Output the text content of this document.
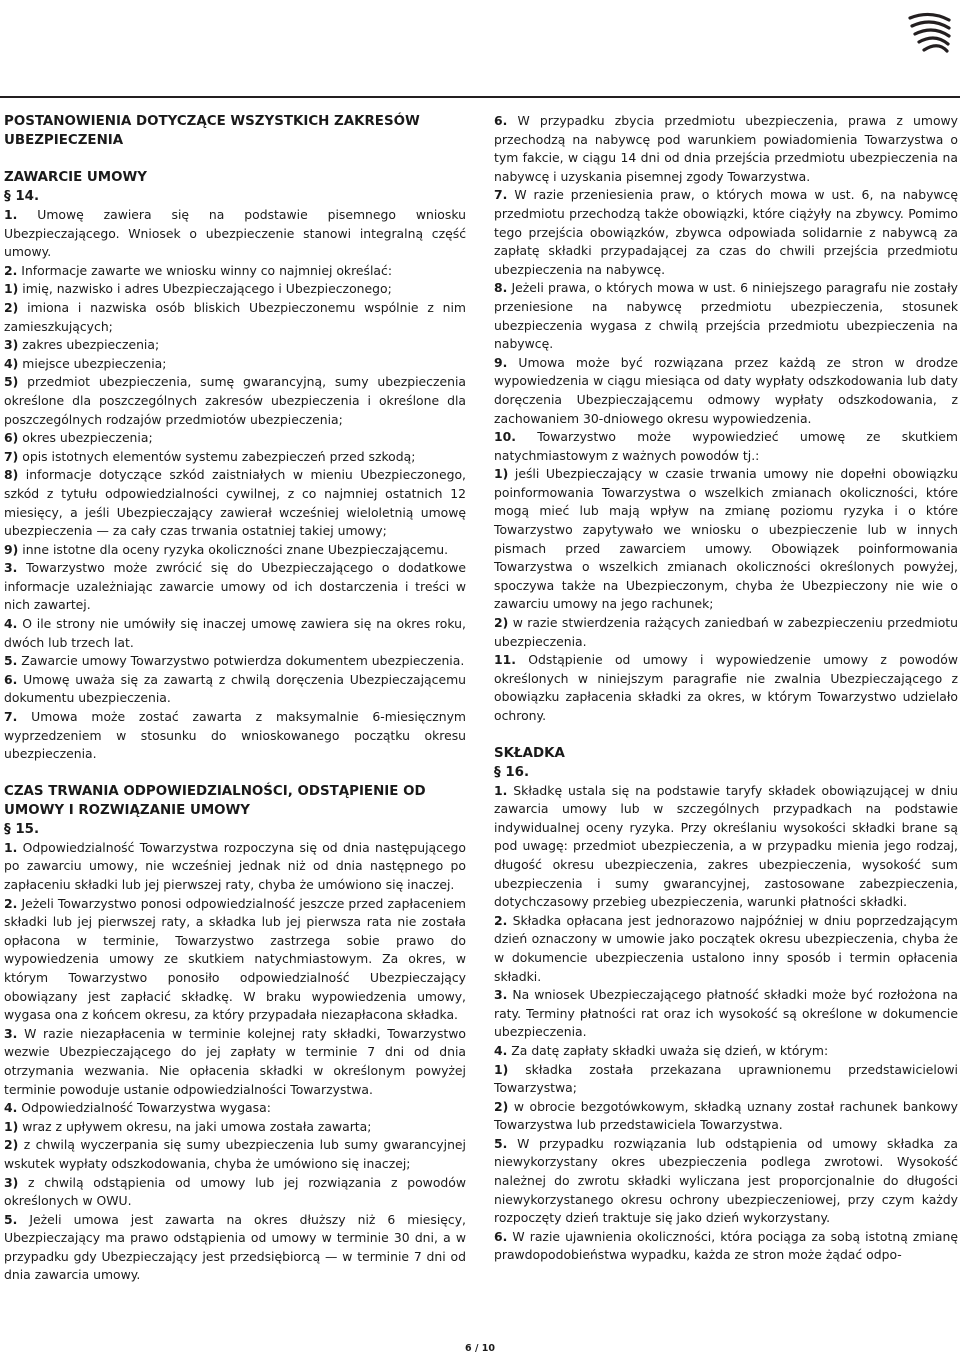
POSTANOWIENIA DOTYCZĄCE WSZYSTKICH ZAKRESÓW UBEZPIECZENIA

ZAWARCIE UMOWY

§ 14.

1. Umowę zawiera się na podstawie pisemnego wniosku Ubezpieczającego. Wniosek o ubezpieczenie stanowi integralną część umowy.

2. Informacje zawarte we wniosku winny co najmniej określać:

1) imię, nazwisko i adres Ubezpieczającego i Ubezpieczonego;

2) imiona i nazwiska osób bliskich Ubezpieczonemu wspólnie z nim zamieszkujących;

3) zakres ubezpieczenia;

4) miejsce ubezpieczenia;

5) przedmiot ubezpieczenia, sumę gwarancyjną, sumy ubezpieczenia określone dla poszczególnych zakresów ubezpieczenia i określone dla poszczególnych rodzajów przedmiotów ubezpieczenia;

6) okres ubezpieczenia;

7) opis istotnych elementów systemu zabezpieczeń przed szkodą;

8) informacje dotyczące szkód zaistniałych w mieniu Ubezpieczonego, szkód z tytułu odpowiedzialności cywilnej, z co najmniej ostatnich 12 miesięcy, a jeśli Ubezpieczający zawierał wcześniej wieloletnią umowę ubezpieczenia — za cały czas trwania ostatniej takiej umowy;

9) inne istotne dla oceny ryzyka okoliczności znane Ubezpieczającemu.

3. Towarzystwo może zwrócić się do Ubezpieczającego o dodatkowe informacje uzależniając zawarcie umowy od ich dostarczenia i treści w nich zawartej.

4. O ile strony nie umówiły się inaczej umowę zawiera się na okres roku, dwóch lub trzech lat.

5. Zawarcie umowy Towarzystwo potwierdza dokumentem ubezpieczenia.

6. Umowę uważa się za zawartą z chwilą doręczenia Ubezpieczającemu dokumentu ubezpieczenia.

7. Umowa może zostać zawarta z maksymalnie 6-miesięcznym wyprzedzeniem w stosunku do wnioskowanego początku okresu ubezpieczenia.

CZAS TRWANIA ODPOWIEDZIALNOŚCI, ODSTĄPIENIE OD UMOWY I ROZWIĄZANIE UMOWY

§ 15.

1. Odpowiedzialność Towarzystwa rozpoczyna się od dnia następującego po zawarciu umowy, nie wcześniej jednak niż od dnia następnego po zapłaceniu składki lub jej pierwszej raty, chyba że umówiono się inaczej.

2. Jeżeli Towarzystwo ponosi odpowiedzialność jeszcze przed zapłaceniem składki lub jej pierwszej raty, a składka lub jej pierwsza rata nie została opłacona w terminie, Towarzystwo zastrzega sobie prawo do wypowiedzenia umowy ze skutkiem natychmiastowym. Za okres, w którym Towarzystwo ponosiło odpowiedzialność Ubezpieczający obowiązany jest zapłacić składkę. W braku wypowiedzenia umowy, wygasa ona z końcem okresu, za który przypadała niezapłacona składka.

3. W razie niezapłacenia w terminie kolejnej raty składki, Towarzystwo wezwie Ubezpieczającego do jej zapłaty w terminie 7 dni od dnia otrzymania wezwania. Nie opłacenia składki w określonym powyżej terminie powoduje ustanie odpowiedzialności Towarzystwa.

4. Odpowiedzialność Towarzystwa wygasa:

1) wraz z upływem okresu, na jaki umowa została zawarta;

2) z chwilą wyczerpania się sumy ubezpieczenia lub sumy gwarancyjnej wskutek wypłaty odszkodowania, chyba że umówiono się inaczej;

3) z chwilą odstąpienia od umowy lub jej rozwiązania z powodów określonych w OWU.

5. Jeżeli umowa jest zawarta na okres dłuższy niż 6 miesięcy, Ubezpieczający ma prawo odstąpienia od umowy w terminie 30 dni, a w przypadku gdy Ubezpieczający jest przedsiębiorcą — w terminie 7 dni od dnia zawarcia umowy.

6. W przypadku zbycia przedmiotu ubezpieczenia, prawa z umowy przechodzą na nabywcę pod warunkiem powiadomienia Towarzystwa o tym fakcie, w ciągu 14 dni od dnia przejścia przedmiotu ubezpieczenia na nabywcę i uzyskania pisemnej zgody Towarzystwa.

7. W razie przeniesienia praw, o których mowa w ust. 6, na nabywcę przedmiotu przechodzą także obowiązki, które ciążyły na zbywcy. Pomimo tego przejścia obowiązków, zbywca odpowiada solidarnie z nabywcą za zapłatę składki przypadającej za czas do chwili przejścia przedmiotu ubezpieczenia na nabywcę.

8. Jeżeli prawa, o których mowa w ust. 6 niniejszego paragrafu nie zostały przeniesione na nabywcę przedmiotu ubezpieczenia, stosunek ubezpieczenia wygasa z chwilą przejścia przedmiotu ubezpieczenia na nabywcę.

9. Umowa może być rozwiązana przez każdą ze stron w drodze wypowiedzenia w ciągu miesiąca od daty wypłaty odszkodowania lub daty doręczenia Ubezpieczającemu odmowy wypłaty odszkodowania, z zachowaniem 30-dniowego okresu wypowiedzenia.

10. Towarzystwo może wypowiedzieć umowę ze skutkiem natychmiastowym z ważnych powodów tj.:

1) jeśli Ubezpieczający w czasie trwania umowy nie dopełni obowiązku poinformowania Towarzystwa o wszelkich zmianach okoliczności, które mogą mieć lub mają wpływ na zmianę poziomu ryzyka i o które Towarzystwo zapytywało we wniosku o ubezpieczenie lub w innych pismach przed zawarciem umowy. Obowiązek poinformowania Towarzystwa o wszelkich zmianach okoliczności określonych powyżej, spoczywa także na Ubezpieczonym, chyba że Ubezpieczony nie wie o zawarciu umowy na jego rachunek;

2) w razie stwierdzenia rażących zaniedbań w zabezpieczeniu przedmiotu ubezpieczenia.

11. Odstąpienie od umowy i wypowiedzenie umowy z powodów określonych w niniejszym paragrafie nie zwalnia Ubezpieczającego z obowiązku zapłacenia składki za okres, w którym Towarzystwo udzielało ochrony.

SKŁADKA

§ 16.

1. Składkę ustala się na podstawie taryfy składek obowiązującej w dniu zawarcia umowy lub w szczególnych przypadkach na podstawie indywidualnej oceny ryzyka. Przy określaniu wysokości składki brane są pod uwagę: przedmiot ubezpieczenia, a w przypadku mienia jego rodzaj, długość okresu ubezpieczenia, zakres ubezpieczenia, wysokość sum ubezpieczenia i sumy gwarancyjnej, zastosowane zabezpieczenia, dotychczasowy przebieg ubezpieczenia, warunki płatności składki.

2. Składka opłacana jest jednorazowo najpóźniej w dniu poprzedzającym dzień oznaczony w umowie jako początek okresu ubezpieczenia, chyba że w dokumencie ubezpieczenia ustalono inny sposób i termin opłacenia składki.

3. Na wniosek Ubezpieczającego płatność składki może być rozłożona na raty. Terminy płatności rat oraz ich wysokość są określone w dokumencie ubezpieczenia.

4. Za datę zapłaty składki uważa się dzień, w którym:

1) składka została przekazana uprawnionemu przedstawicielowi Towarzystwa;

2) w obrocie bezgotówkowym, składką uznany został rachunek bankowy Towarzystwa lub przedstawiciela Towarzystwa.

5. W przypadku rozwiązania lub odstąpienia od umowy składka za niewykorzystany okres ubezpieczenia podlega zwrotowi. Wysokość należnej do zwrotu składki wyliczana jest proporcjonalnie do długości niewykorzystanego okresu ochrony ubezpieczeniowej, przy czym każdy rozpoczęty dzień traktuje się jako dzień wykorzystany.

6. W razie ujawnienia okoliczności, która pociąga za sobą istotną zmianę prawdopodobieństwa wypadku, każda ze stron może żądać odpo-

6 / 10
